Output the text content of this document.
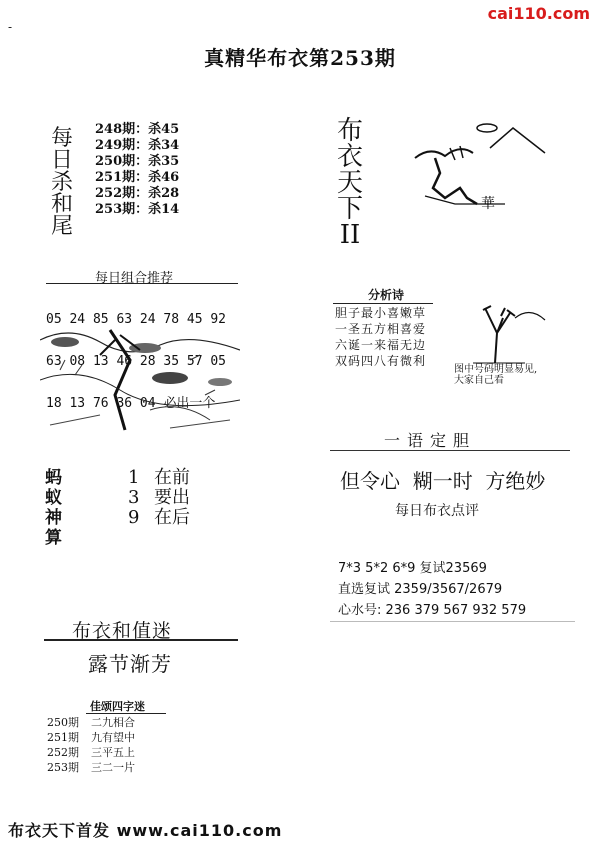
cai110.com
-
真精华布衣第253期
每
日
杀
和
尾
248期：杀45
249期：杀34
250期：杀35
251期：杀46
252期：杀28
253期：杀14
每日组合推荐

05 24 85 63 24 78 45 92

63 08 13 46 28 35 57 05

18 13 76 36 04 必出一个

蚂
蚁
神
算
1 在前
3 要出
9 在后
布
衣
天
下
II
華
分析诗
胆子最小喜嫩草
一圣五方相喜爱
六诞一来福无边
双码四八有微利
图中号码明显易见,
大家自己看
一语定胆
但令心  糊一时  方绝妙
每日布衣点评
7*3 5*2 6*9 复试23569
直选复试 2359/3567/2679
心水号: 236 379 567 932 579
布衣和值迷
露节渐芳
佳颂四字迷
250期 二九相合
251期 九有望中
252期 三平五上
253期 三二一片
布衣天下首发 www.cai110.com
